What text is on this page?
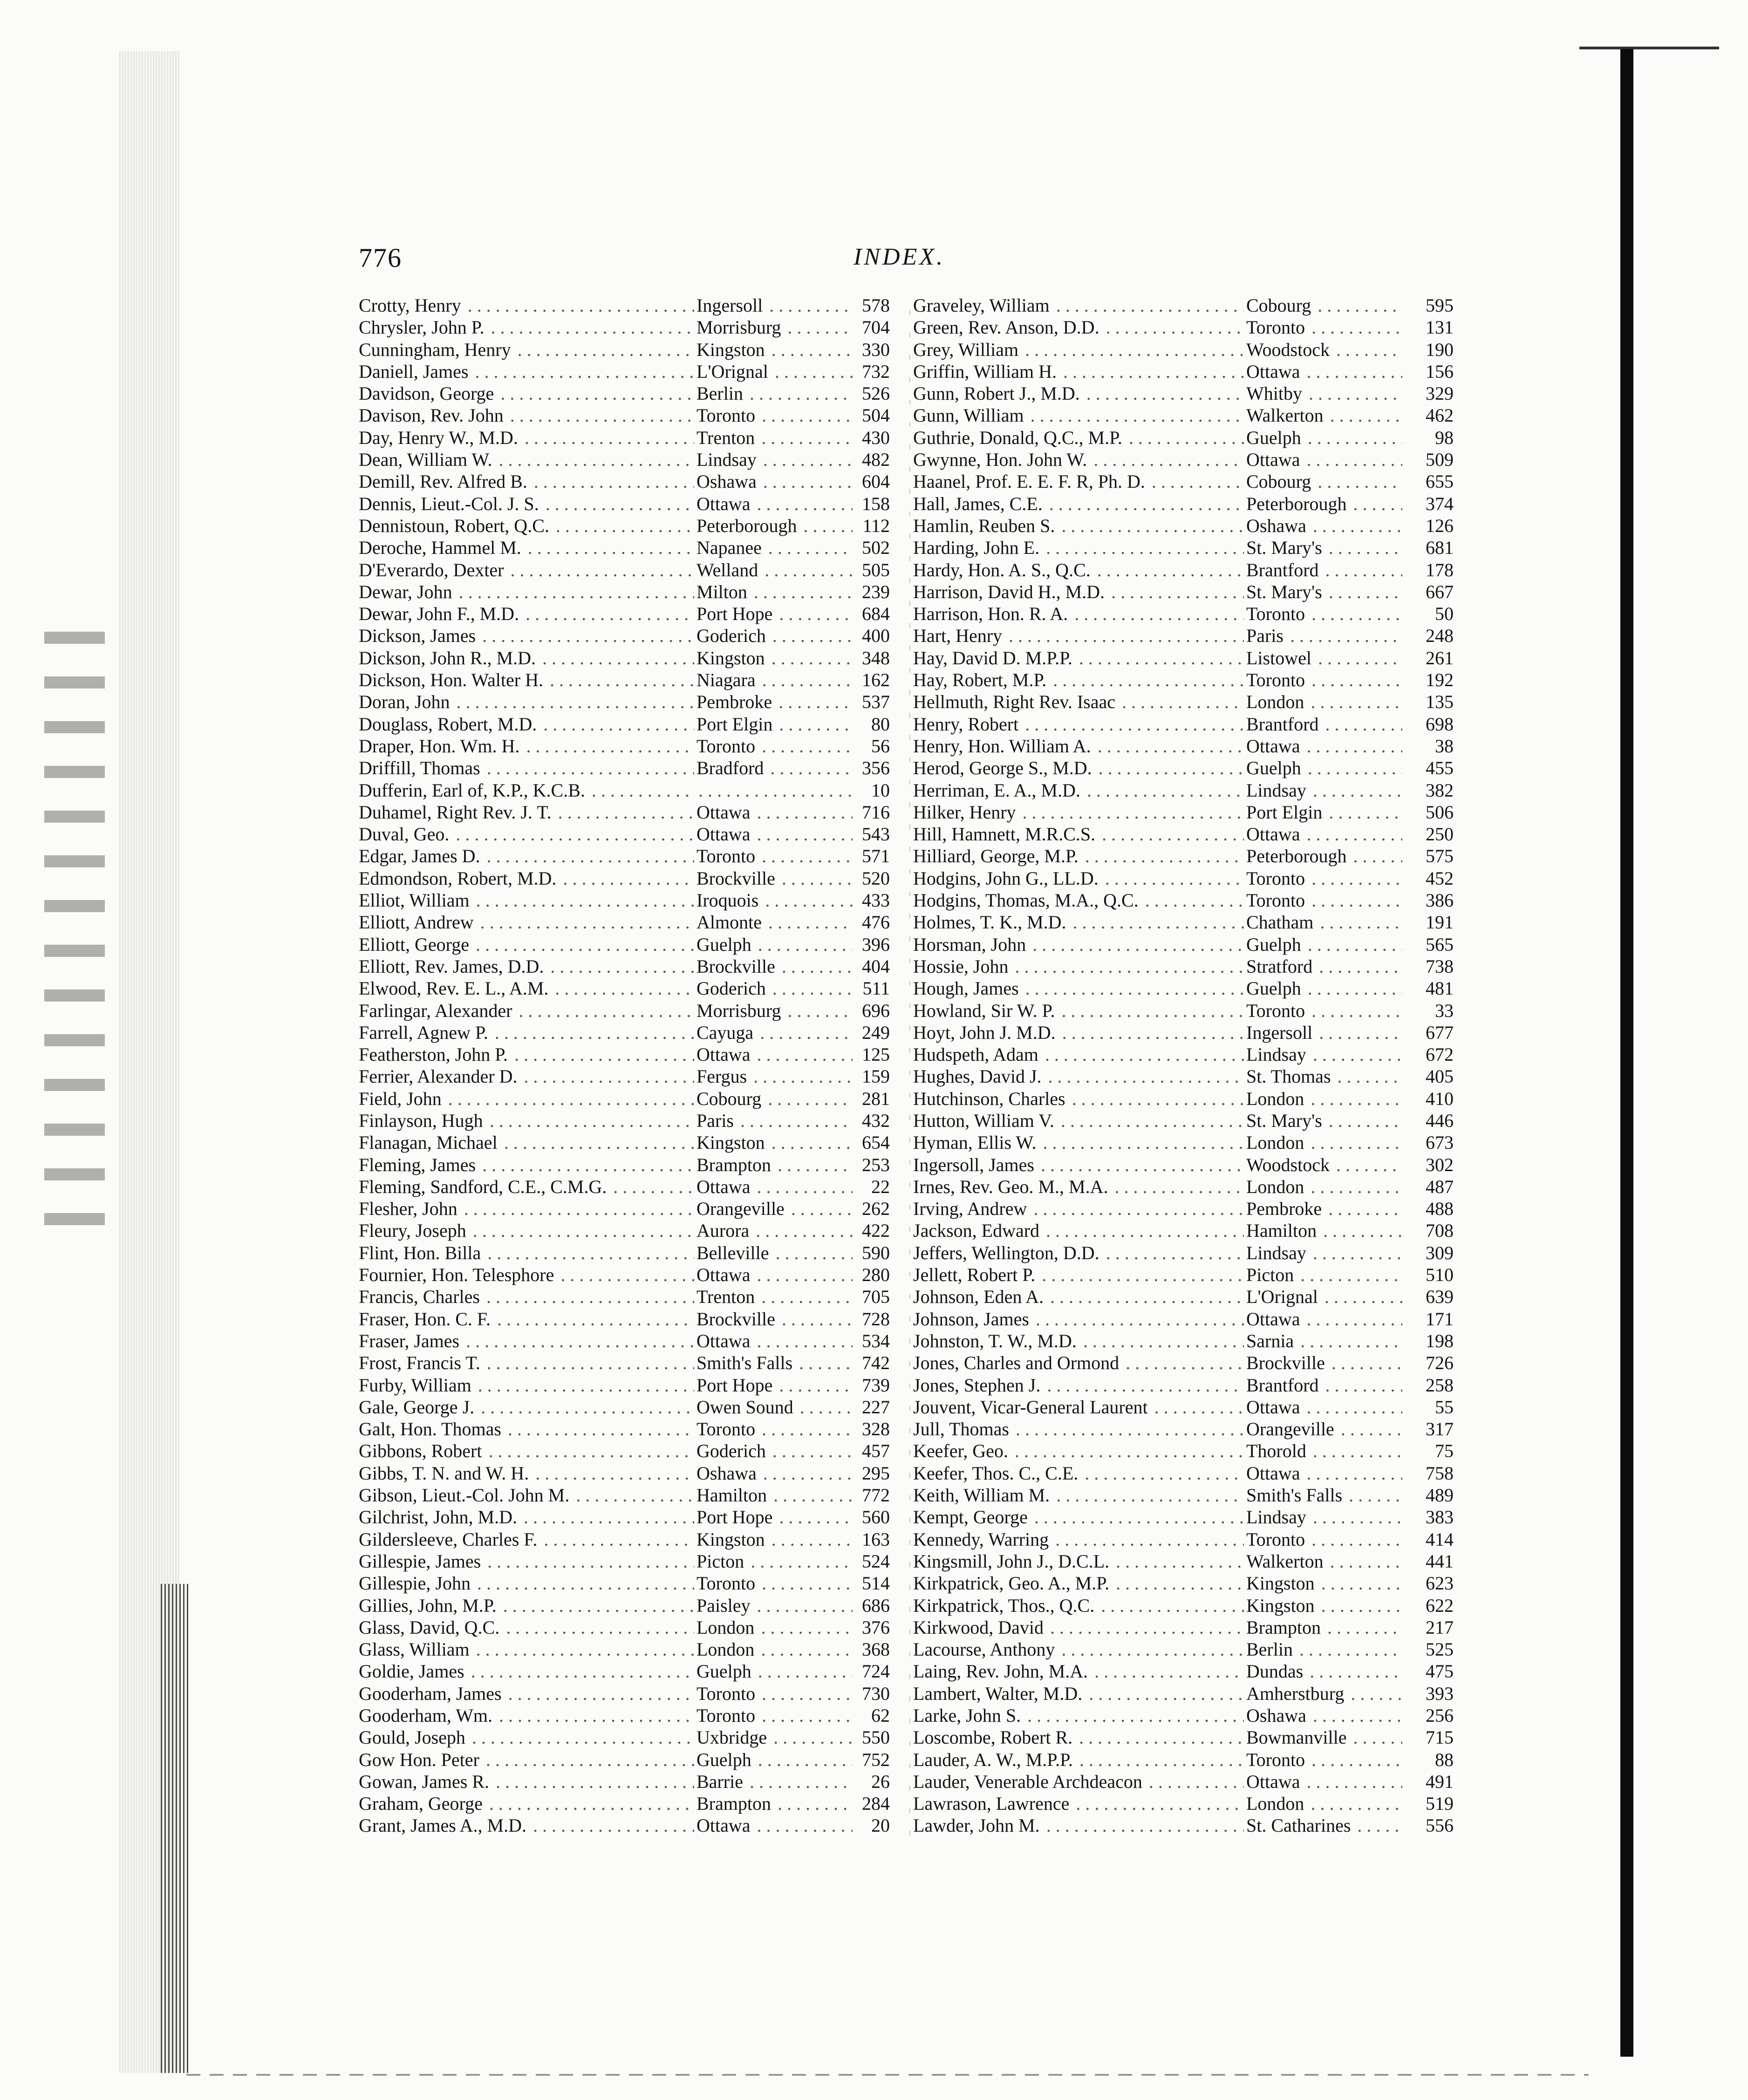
776	INDEX.
Crotty, Henry . . .	Ingersoll . . .	578
Chrysler, John P. . . .	Morrisburg . . .	704
Cunningham, Henry . . .	Kingston . . .	330
Daniell, James . . .	L'Orignal . . .	732
Davidson, George . . .	Berlin . . .	526
Davison, Rev. John . . .	Toronto . . .	504
Day, Henry W., M.D. . . .	Trenton . . .	430
Dean, William W. . . .	Lindsay . . .	482
Demill, Rev. Alfred B. . . .	Oshawa . . .	604
Dennis, Lieut.-Col. J. S. . . .	Ottawa . . .	158
Dennistoun, Robert, Q.C. . . .	Peterborough . . .	112
Deroche, Hammel M. . . .	Napanee . . .	502
D'Everardo, Dexter . . .	Welland . . .	505
Dewar, John . . .	Milton . . .	239
Dewar, John F., M.D. . . .	Port Hope . . .	684
Dickson, James . . .	Goderich . . .	400
Dickson, John R., M.D. . . .	Kingston . . .	348
Dickson, Hon. Walter H. . . .	Niagara . . .	162
Doran, John . . .	Pembroke . . .	537
Douglass, Robert, M.D. . . .	Port Elgin . . .	80
Draper, Hon. Wm. H. . . .	Toronto . . .	56
Driffill, Thomas . . .	Bradford . . .	356
Dufferin, Earl of, K.P., K.C.B. . . . . . .	10
Duhamel, Right Rev. J. T. . . .	Ottawa . . .	716
Duval, Geo. . . .	Ottawa . . .	543
Edgar, James D. . . .	Toronto . . .	571
Edmondson, Robert, M.D. . . .	Brockville . . .	520
Elliot, William . . .	Iroquois . . .	433
Elliott, Andrew . . .	Almonte . . .	476
Elliott, George . . .	Guelph . . .	396
Elliott, Rev. James, D.D. . . .	Brockville . . .	404
Elwood, Rev. E. L., A.M. . . .	Goderich . . .	511
Farlingar, Alexander . . .	Morrisburg . . .	696
Farrell, Agnew P. . . .	Cayuga . . .	249
Featherston, John P. . . .	Ottawa . . .	125
Ferrier, Alexander D. . . .	Fergus . . .	159
Field, John . . .	Cobourg . . .	281
Finlayson, Hugh . . .	Paris . . .	432
Flanagan, Michael . . .	Kingston . . .	654
Fleming, James . . .	Brampton . . .	253
Fleming, Sandford, C.E., C.M.G. . . .	Ottawa . . .	22
Flesher, John . . .	Orangeville . . .	262
Fleury, Joseph . . .	Aurora . . .	422
Flint, Hon. Billa . . .	Belleville . . .	590
Fournier, Hon. Telesphore . . .	Ottawa . . .	280
Francis, Charles . . .	Trenton . . .	705
Fraser, Hon. C. F. . . .	Brockville . . .	728
Fraser, James . . .	Ottawa . . .	534
Frost, Francis T. . . .	Smith's Falls . . .	742
Furby, William . . .	Port Hope . . .	739
Gale, George J. . . .	Owen Sound . . .	227
Galt, Hon. Thomas . . .	Toronto . . .	328
Gibbons, Robert . . .	Goderich . . .	457
Gibbs, T. N. and W. H. . . .	Oshawa . . .	295
Gibson, Lieut.-Col. John M. . . .	Hamilton . . .	772
Gilchrist, John, M.D. . . .	Port Hope . . .	560
Gildersleeve, Charles F. . . .	Kingston . . .	163
Gillespie, James . . .	Picton . . .	524
Gillespie, John . . .	Toronto . . .	514
Gillies, John, M.P. . . .	Paisley . . .	686
Glass, David, Q.C. . . .	London . . .	376
Glass, William . . .	London . . .	368
Goldie, James . . .	Guelph . . .	724
Gooderham, James . . .	Toronto . . .	730
Gooderham, Wm. . . .	Toronto . . .	62
Gould, Joseph . . .	Uxbridge . . .	550
Gow Hon. Peter . . .	Guelph . . .	752
Gowan, James R. . . .	Barrie . . .	26
Graham, George . . .	Brampton . . .	284
Grant, James A., M.D. . . .	Ottawa . . .	20
Graveley, William . . .	Cobourg . . .	595
Green, Rev. Anson, D.D. . . .	Toronto . . .	131
Grey, William . . .	Woodstock . . .	190
Griffin, William H. . . .	Ottawa . . .	156
Gunn, Robert J., M.D. . . .	Whitby . . .	329
Gunn, William . . .	Walkerton . . .	462
Guthrie, Donald, Q.C., M.P. . . .	Guelph . . .	98
Gwynne, Hon. John W. . . .	Ottawa . . .	509
Haanel, Prof. E. E. F. R, Ph. D. . . .	Cobourg . . .	655
Hall, James, C.E. . . .	Peterborough . . .	374
Hamlin, Reuben S. . . .	Oshawa . . .	126
Harding, John E. . . .	St. Mary's . . .	681
Hardy, Hon. A. S., Q.C. . . .	Brantford . . .	178
Harrison, David H., M.D. . . .	St. Mary's . . .	667
Harrison, Hon. R. A. . . .	Toronto . . .	50
Hart, Henry . . .	Paris . . .	248
Hay, David D. M.P.P. . . .	Listowel . . .	261
Hay, Robert, M.P. . . .	Toronto . . .	192
Hellmuth, Right Rev. Isaac . . .	London . . .	135
Henry, Robert . . .	Brantford . . .	698
Henry, Hon. William A. . . .	Ottawa . . .	38
Herod, George S., M.D. . . .	Guelph . . .	455
Herriman, E. A., M.D. . . .	Lindsay . . .	382
Hilker, Henry . . .	Port Elgin . . .	506
Hill, Hamnett, M.R.C.S. . . .	Ottawa . . .	250
Hilliard, George, M.P. . . .	Peterborough . . .	575
Hodgins, John G., LL.D. . . .	Toronto . . .	452
Hodgins, Thomas, M.A., Q.C. . . .	Toronto . . .	386
Holmes, T. K., M.D. . . .	Chatham . . .	191
Horsman, John . . .	Guelph . . .	565
Hossie, John . . .	Stratford . . .	738
Hough, James . . .	Guelph . . .	481
Howland, Sir W. P. . . .	Toronto . . .	33
Hoyt, John J. M.D. . . .	Ingersoll . . .	677
Hudspeth, Adam . . .	Lindsay . . .	672
Hughes, David J. . . .	St. Thomas . . .	405
Hutchinson, Charles . . .	London . . .	410
Hutton, William V. . . .	St. Mary's . . .	446
Hyman, Ellis W. . . .	London . . .	673
Ingersoll, James . . .	Woodstock . . .	302
Irnes, Rev. Geo. M., M.A. . . .	London . . .	487
Irving, Andrew . . .	Pembroke . . .	488
Jackson, Edward . . .	Hamilton . . .	708
Jeffers, Wellington, D.D. . . .	Lindsay . . .	309
Jellett, Robert P. . . .	Picton . . .	510
Johnson, Eden A. . . .	L'Orignal . . .	639
Johnson, James . . .	Ottawa . . .	171
Johnston, T. W., M.D. . . .	Sarnia . . .	198
Jones, Charles and Ormond . . .	Brockville . . .	726
Jones, Stephen J. . . .	Brantford . . .	258
Jouvent, Vicar-General Laurent . . .	Ottawa . . .	55
Jull, Thomas . . .	Orangeville . . .	317
Keefer, Geo. . . .	Thorold . . .	75
Keefer, Thos. C., C.E. . . .	Ottawa . . .	758
Keith, William M. . . .	Smith's Falls . . .	489
Kempt, George . . .	Lindsay . . .	383
Kennedy, Warring . . .	Toronto . . .	414
Kingsmill, John J., D.C.L. . . .	Walkerton . . .	441
Kirkpatrick, Geo. A., M.P. . . .	Kingston . . .	623
Kirkpatrick, Thos., Q.C. . . .	Kingston . . .	622
Kirkwood, David . . .	Brampton . . .	217
Lacourse, Anthony . . .	Berlin . . .	525
Laing, Rev. John, M.A. . . .	Dundas . . .	475
Lambert, Walter, M.D. . . .	Amherstburg . . .	393
Larke, John S. . . .	Oshawa . . .	256
Loscombe, Robert R. . . .	Bowmanville . . .	715
Lauder, A. W., M.P.P. . . .	Toronto . . .	88
Lauder, Venerable Archdeacon . . .	Ottawa . . .	491
Lawrason, Lawrence . . .	London . . .	519
Lawder, John M. . . .	St. Catharines . . .	556
